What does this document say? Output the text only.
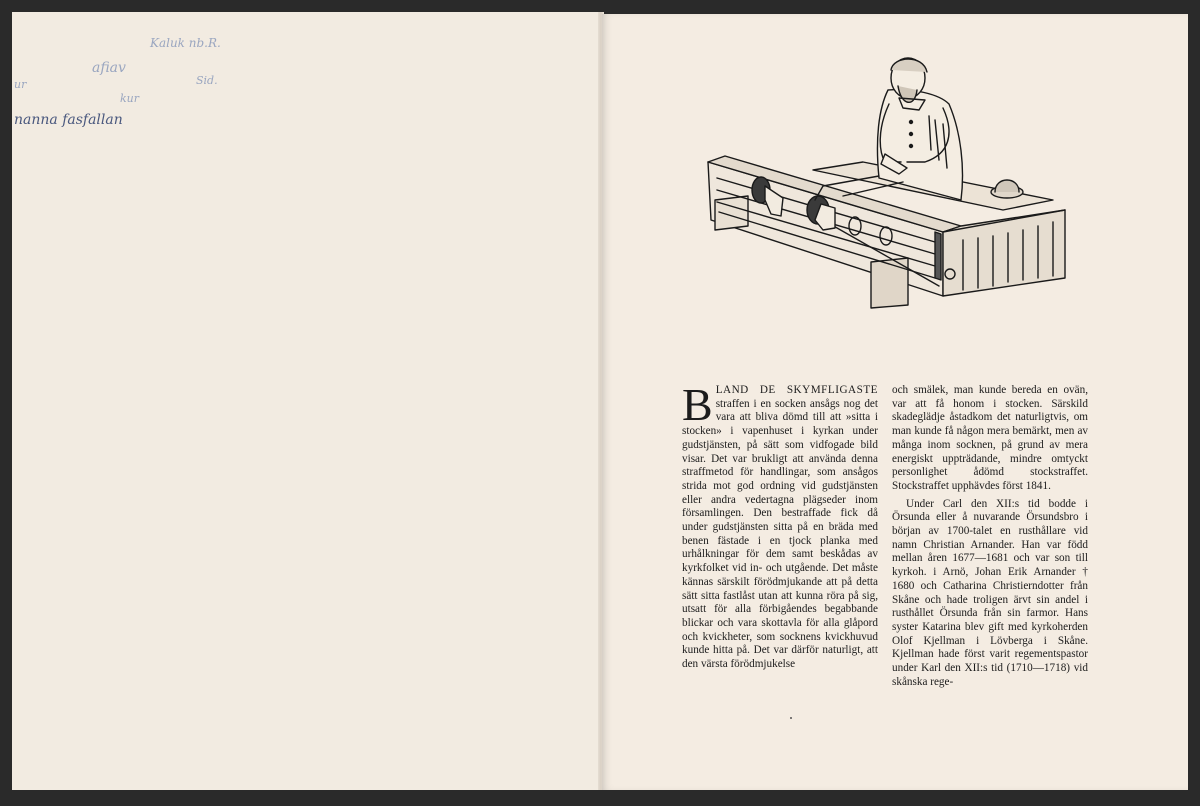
Kaluk nb.R.
afiav
ur	Sid.
kur
nanna fasfallan

B LAND DE SKYMFLIGASTE straffen i en socken ansågs nog det vara att bliva dömd till att »sitta i stocken» i vapenhuset i kyrkan under gudstjänsten, på sätt som vidfogade bild visar. Det var brukligt att använda denna straffmetod för handlingar, som ansågos strida mot god ordning vid gudstjänsten eller andra vedertagna plägseder inom församlingen. Den bestraffade fick då under gudstjänsten sitta på en bräda med benen fästade i en tjock planka med urhålkningar för dem samt beskådas av kyrkfolket vid in- och utgående. Det måste kännas särskilt förödmjukande att på detta sätt sitta fastlåst utan att kunna röra på sig, utsatt för alla förbigåendes begabbande blickar och vara skottavla för alla glåpord och kvickheter, som socknens kvickhuvud kunde hitta på. Det var därför naturligt, att den värsta förödmjukelse

och smälek, man kunde bereda en ovän, var att få honom i stocken. Särskild skadeglädje åstadkom det naturligtvis, om man kunde få någon mera bemärkt, men av många inom socknen, på grund av mera energiskt uppträdande, mindre omtyckt personlighet ådömd stockstraffet. Stockstraffet upphävdes först 1841.

Under Carl den XII:s tid bodde i Örsunda eller å nuvarande Örsundsbro i början av 1700-talet en rusthållare vid namn Christian Arnander. Han var född mellan åren 1677—1681 och var son till kyrkoh. i Arnö, Johan Erik Arnander † 1680 och Catharina Christierndotter från Skåne och hade troligen ärvt sin andel i rusthållet Örsunda från sin farmor. Hans syster Katarina blev gift med kyrkoherden Olof Kjellman i Lövberga i Skåne. Kjellman hade först varit regementspastor under Karl den XII:s tid (1710—1718) vid skånska rege-
